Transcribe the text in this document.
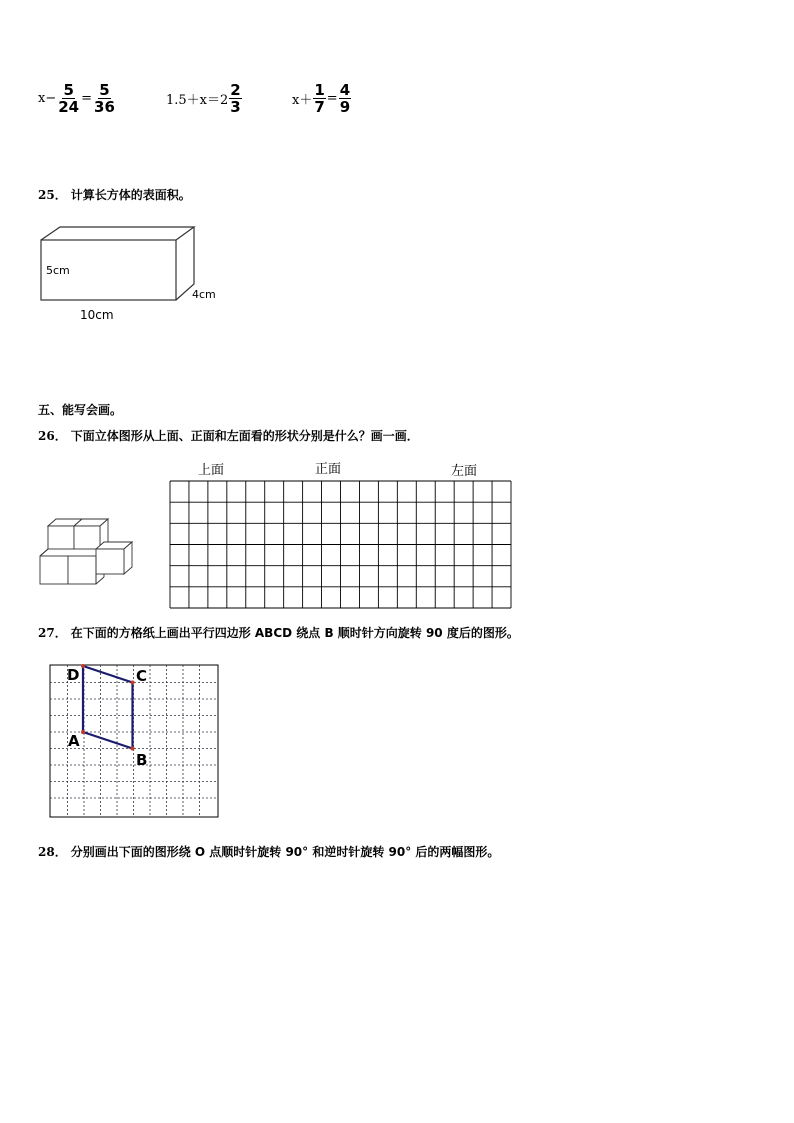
$x- \frac{5}{24} = \frac{5}{36}$	$1.5+x=2 \frac{2}{3}$	$x+ \frac{1}{7} = \frac{4}{9}$
25． 计算长方体的表面积。
5cm
4cm
10cm
五、能写会画。
26． 下面立体图形从上面、正面和左面看的形状分别是什么？画一画．
上面	正面	左面
27． 在下面的方格纸上画出平行四边形 ABCD 绕点 B 顺时针方向旋转 90 度后的图形。
D	C
A
B
28． 分别画出下面的图形绕 O 点顺时针旋转 90° 和逆时针旋转 90° 后的两幅图形。
